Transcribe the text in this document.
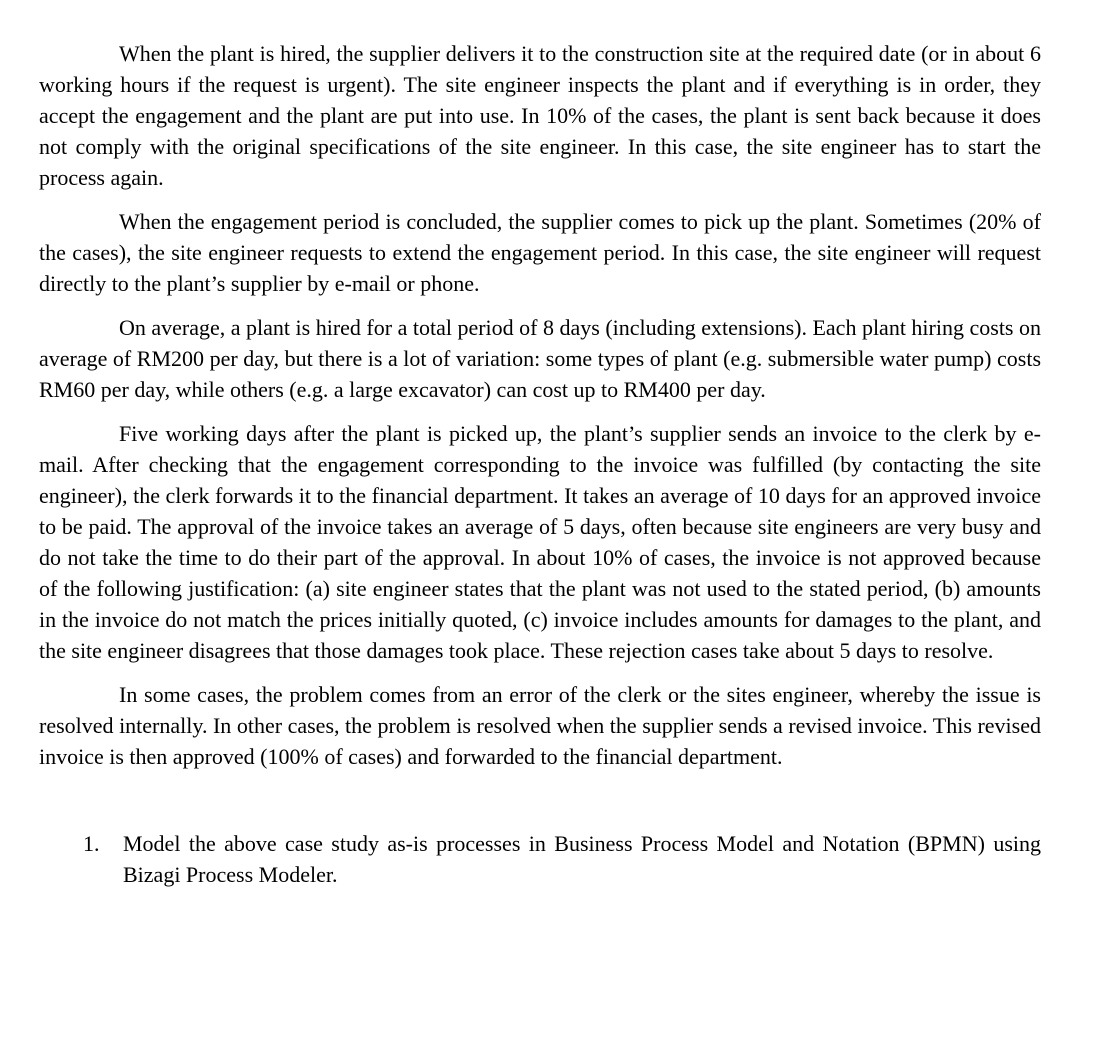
When the plant is hired, the supplier delivers it to the construction site at the required date (or in about 6 working hours if the request is urgent). The site engineer inspects the plant and if everything is in order, they accept the engagement and the plant are put into use. In 10% of the cases, the plant is sent back because it does not comply with the original specifications of the site engineer. In this case, the site engineer has to start the process again.

When the engagement period is concluded, the supplier comes to pick up the plant. Sometimes (20% of the cases), the site engineer requests to extend the engagement period. In this case, the site engineer will request directly to the plant’s supplier by e-mail or phone.

On average, a plant is hired for a total period of 8 days (including extensions). Each plant hiring costs on average of RM200 per day, but there is a lot of variation: some types of plant (e.g. submersible water pump) costs RM60 per day, while others (e.g. a large excavator) can cost up to RM400 per day.

Five working days after the plant is picked up, the plant’s supplier sends an invoice to the clerk by e-mail. After checking that the engagement corresponding to the invoice was fulfilled (by contacting the site engineer), the clerk forwards it to the financial department. It takes an average of 10 days for an approved invoice to be paid. The approval of the invoice takes an average of 5 days, often because site engineers are very busy and do not take the time to do their part of the approval. In about 10% of cases, the invoice is not approved because of the following justification: (a) site engineer states that the plant was not used to the stated period, (b) amounts in the invoice do not match the prices initially quoted, (c) invoice includes amounts for damages to the plant, and the site engineer disagrees that those damages took place. These rejection cases take about 5 days to resolve.

In some cases, the problem comes from an error of the clerk or the sites engineer, whereby the issue is resolved internally. In other cases, the problem is resolved when the supplier sends a revised invoice. This revised invoice is then approved (100% of cases) and forwarded to the financial department.

1.	Model the above case study as-is processes in Business Process Model and Notation (BPMN) using Bizagi Process Modeler.
